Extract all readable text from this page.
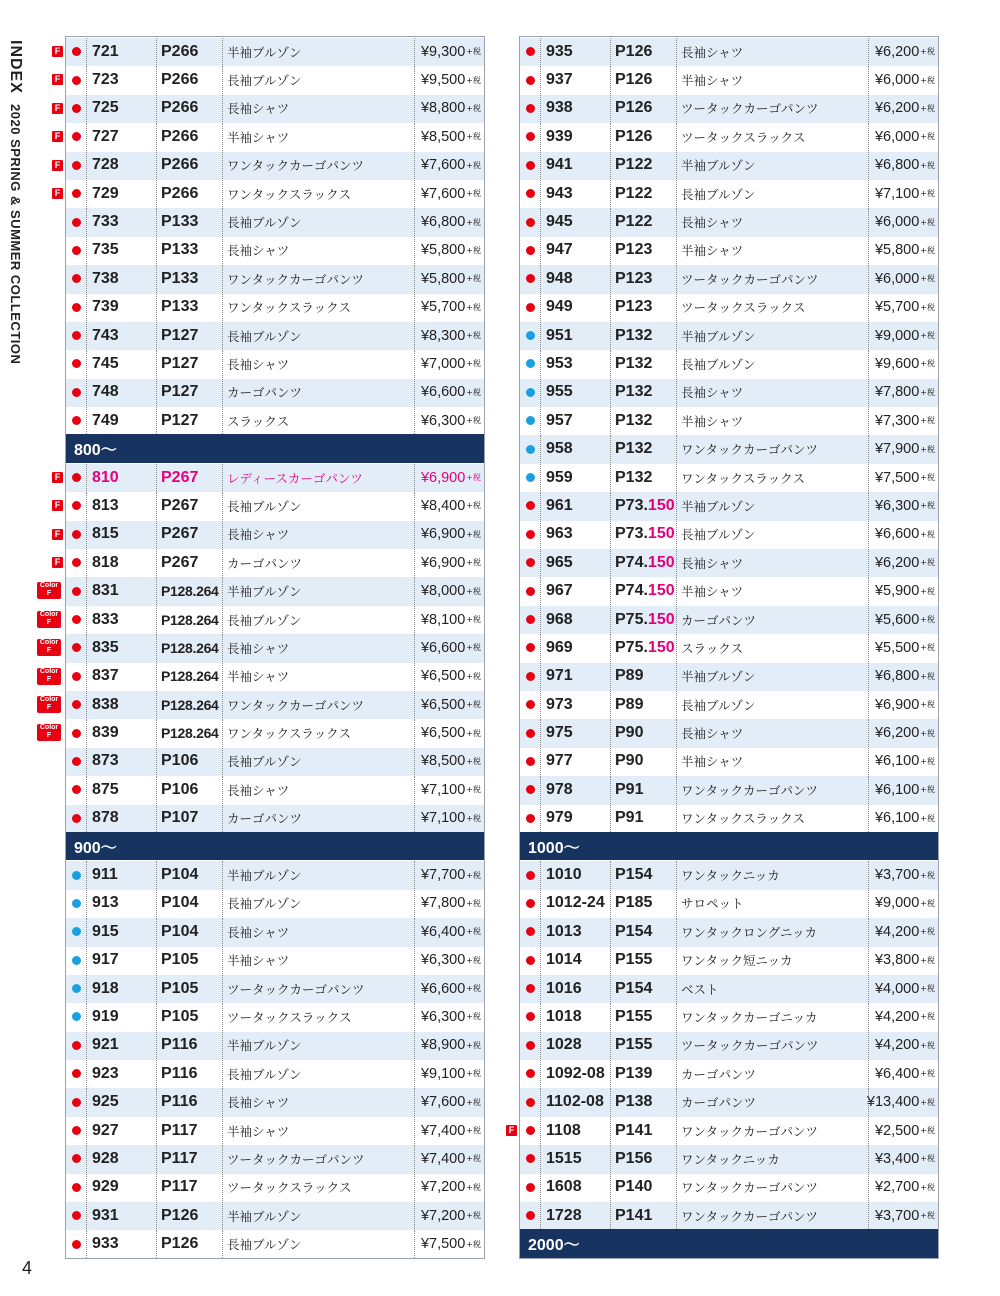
INDEX 2020 SPRING & SUMMER COLLECTION
F	721	P266	半袖ブルゾン	¥9,300 +税
F	723	P266	長袖ブルゾン	¥9,500 +税
F	725	P266	長袖シャツ	¥8,800 +税
F	727	P266	半袖シャツ	¥8,500 +税
F	728	P266	ワンタックカーゴパンツ	¥7,600 +税
F	729	P266	ワンタックスラックス	¥7,600 +税
733	P133	長袖ブルゾン	¥6,800 +税
735	P133	長袖シャツ	¥5,800 +税
738	P133	ワンタックカーゴパンツ	¥5,800 +税
739	P133	ワンタックスラックス	¥5,700 +税
743	P127	長袖ブルゾン	¥8,300 +税
745	P127	長袖シャツ	¥7,000 +税
748	P127	カーゴパンツ	¥6,600 +税
749	P127	スラックス	¥6,300 +税
800〜
F	810	P267	レディースカーゴパンツ	¥6,900 +税
F	813	P267	長袖ブルゾン	¥8,400 +税
F	815	P267	長袖シャツ	¥6,900 +税
F	818	P267	カーゴパンツ	¥6,900 +税
Color
F	831	P128.264 半袖ブルゾン	¥8,000 +税
Color
F	833	P128.264 長袖ブルゾン	¥8,100 +税
Color
F	835	P128.264 長袖シャツ	¥6,600 +税
Color
F	837	P128.264 半袖シャツ	¥6,500 +税
Color
F	838	P128.264 ワンタックカーゴパンツ	¥6,500 +税
Color
F	839	P128.264 ワンタックスラックス	¥6,500 +税
873	P106	長袖ブルゾン	¥8,500 +税
875	P106	長袖シャツ	¥7,100 +税
878	P107	カーゴパンツ	¥7,100 +税
900〜
911	P104	半袖ブルゾン	¥7,700 +税
913	P104	長袖ブルゾン	¥7,800 +税
915	P104	長袖シャツ	¥6,400 +税
917	P105	半袖シャツ	¥6,300 +税
918	P105	ツータックカーゴパンツ	¥6,600 +税
919	P105	ツータックスラックス	¥6,300 +税
921	P116	半袖ブルゾン	¥8,900 +税
923	P116	長袖ブルゾン	¥9,100 +税
925	P116	長袖シャツ	¥7,600 +税
927	P117	半袖シャツ	¥7,400 +税
928	P117	ツータックカーゴパンツ	¥7,400 +税
929	P117	ツータックスラックス	¥7,200 +税
931	P126	半袖ブルゾン	¥7,200 +税
933	P126	長袖ブルゾン	¥7,500 +税
935	P126	長袖シャツ	¥6,200 +税
937	P126	半袖シャツ	¥6,000 +税
938	P126	ツータックカーゴパンツ	¥6,200 +税
939	P126	ツータックスラックス	¥6,000 +税
941	P122	半袖ブルゾン	¥6,800 +税
943	P122	長袖ブルゾン	¥7,100 +税
945	P122	長袖シャツ	¥6,000 +税
947	P123	半袖シャツ	¥5,800 +税
948	P123	ツータックカーゴパンツ	¥6,000 +税
949	P123	ツータックスラックス	¥5,700 +税
951	P132	半袖ブルゾン	¥9,000 +税
953	P132	長袖ブルゾン	¥9,600 +税
955	P132	長袖シャツ	¥7,800 +税
957	P132	半袖シャツ	¥7,300 +税
958	P132	ワンタックカーゴパンツ	¥7,900 +税
959	P132	ワンタックスラックス	¥7,500 +税
961	P73. 150 半袖ブルゾン	¥6,300 +税
963	P73. 150 長袖ブルゾン	¥6,600 +税
965	P74. 150 長袖シャツ	¥6,200 +税
967	P74. 150 半袖シャツ	¥5,900 +税
968	P75. 150 カーゴパンツ	¥5,600 +税
969	P75. 150 スラックス	¥5,500 +税
971	P89	半袖ブルゾン	¥6,800 +税
973	P89	長袖ブルゾン	¥6,900 +税
975	P90	長袖シャツ	¥6,200 +税
977	P90	半袖シャツ	¥6,100 +税
978	P91	ワンタックカーゴパンツ	¥6,100 +税
979	P91	ワンタックスラックス	¥6,100 +税
1000〜
1010	P154	ワンタックニッカ	¥3,700 +税
1012-24 P185	サロペット	¥9,000 +税
1013	P154	ワンタックロングニッカ	¥4,200 +税
1014	P155	ワンタック短ニッカ	¥3,800 +税
1016	P154	ベスト	¥4,000 +税
1018	P155	ワンタックカーゴニッカ	¥4,200 +税
1028	P155	ツータックカーゴパンツ	¥4,200 +税
1092-08 P139	カーゴパンツ	¥6,400 +税
1102-08 P138	カーゴパンツ	¥13,400 +税
F	1108	P141	ワンタックカーゴパンツ	¥2,500 +税
1515	P156	ワンタックニッカ	¥3,400 +税
1608	P140	ワンタックカーゴパンツ	¥2,700 +税
1728	P141	ワンタックカーゴパンツ	¥3,700 +税
2000〜
4
